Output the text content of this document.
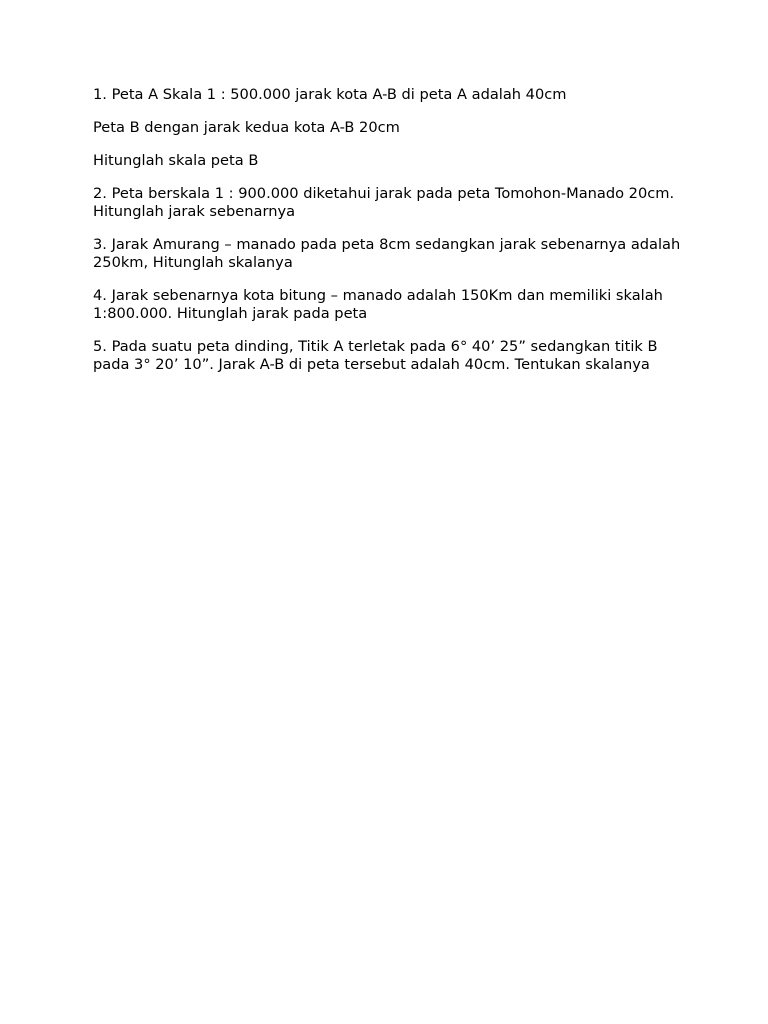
1. Peta A Skala 1 : 500.000 jarak kota A-B di peta A adalah 40cm

Peta B dengan jarak kedua kota A-B 20cm

Hitunglah skala peta B

2. Peta berskala 1 : 900.000 diketahui jarak pada peta Tomohon-Manado 20cm. Hitunglah jarak sebenarnya

3. Jarak Amurang – manado pada peta 8cm sedangkan jarak sebenarnya adalah 250km, Hitunglah skalanya

4. Jarak sebenarnya kota bitung – manado adalah 150Km dan memiliki skalah 1:800.000. Hitunglah jarak pada peta

5. Pada suatu peta dinding, Titik A terletak pada 6° 40’ 25” sedangkan titik B pada 3° 20’ 10”. Jarak A-B di peta tersebut adalah 40cm. Tentukan skalanya
